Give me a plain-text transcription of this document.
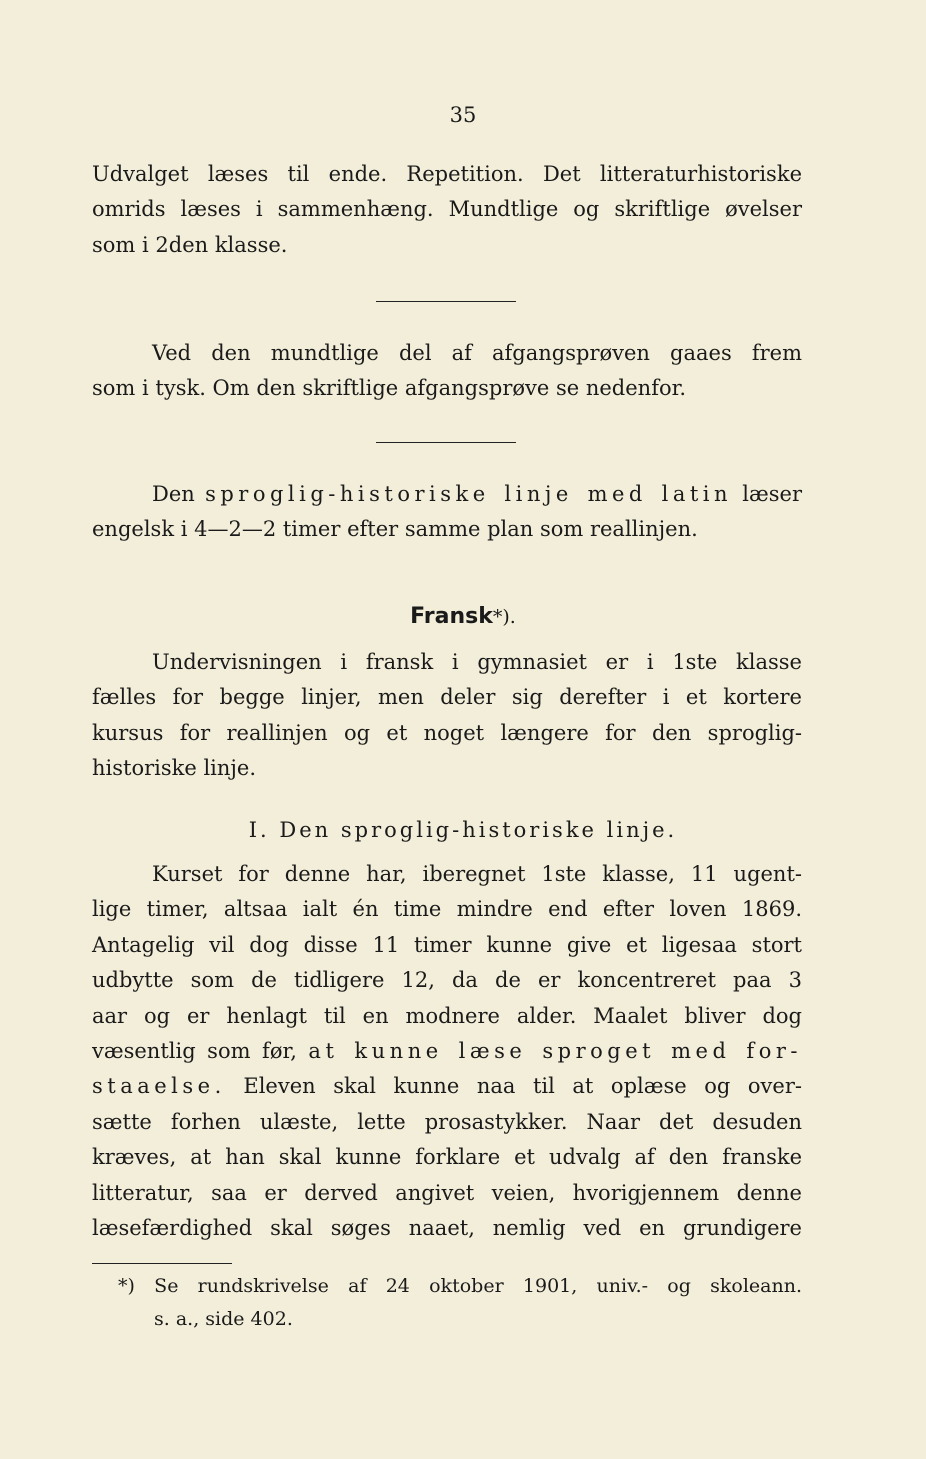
35
Udvalget læses til ende. Repetition. Det litteraturhistoriske
omrids læses i sammenhæng. Mundtlige og skriftlige øvelser
som i 2den klasse.
Ved den mundtlige del af afgangsprøven gaaes frem
som i tysk. Om den skriftlige afgangsprøve se nedenfor.
Den sproglig-historiske linje med latin læser
engelsk i 4—2—2 timer efter samme plan som reallinjen.
Fransk*).
Undervisningen i fransk i gymnasiet er i 1ste klasse
fælles for begge linjer, men deler sig derefter i et kortere
kursus for reallinjen og et noget længere for den sproglig-
historiske linje.
I. Den sproglig-historiske linje.
Kurset for denne har, iberegnet 1ste klasse, 11 ugent-
lige timer, altsaa ialt én time mindre end efter loven 1869.
Antagelig vil dog disse 11 timer kunne give et ligesaa stort
udbytte som de tidligere 12, da de er koncentreret paa 3
aar og er henlagt til en modnere alder. Maalet bliver dog
væsentlig som før, at kunne læse sproget med for-
staaelse. Eleven skal kunne naa til at oplæse og over-
sætte forhen ulæste, lette prosastykker. Naar det desuden
kræves, at han skal kunne forklare et udvalg af den franske
litteratur, saa er derved angivet veien, hvorigjennem denne
læsefærdighed skal søges naaet, nemlig ved en grundigere
*) Se rundskrivelse af 24 oktober 1901, univ.- og skoleann.
s. a., side 402.
